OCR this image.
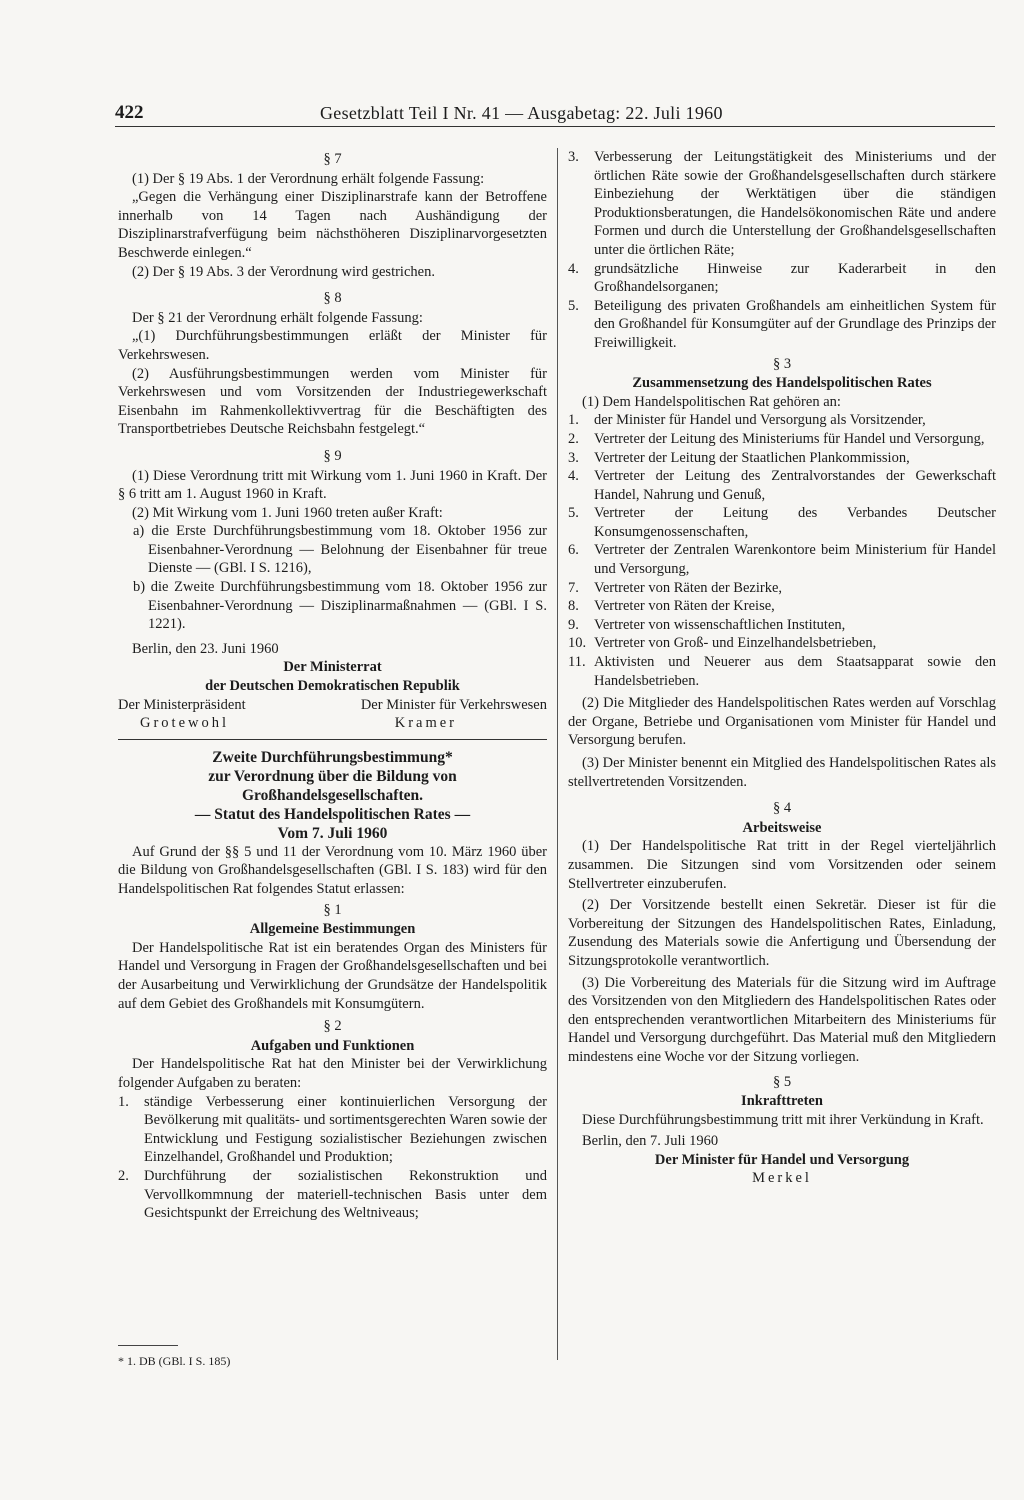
422	Gesetzblatt Teil I Nr. 41 — Ausgabetag: 22. Juli 1960

§ 7

(1) Der § 19 Abs. 1 der Verordnung erhält folgende Fassung:

„Gegen die Verhängung einer Disziplinarstrafe kann der Betroffene innerhalb von 14 Tagen nach Aushändigung der Disziplinarstrafverfügung beim nächsthöheren Disziplinarvorgesetzten Beschwerde einlegen.“

(2) Der § 19 Abs. 3 der Verordnung wird gestrichen.

§ 8

Der § 21 der Verordnung erhält folgende Fassung:

„(1) Durchführungsbestimmungen erläßt der Minister für Verkehrswesen.

(2) Ausführungsbestimmungen werden vom Minister für Verkehrswesen und vom Vorsitzenden der Industriegewerkschaft Eisenbahn im Rahmenkollektivvertrag für die Beschäftigten des Transportbetriebes Deutsche Reichsbahn festgelegt.“

§ 9

(1) Diese Verordnung tritt mit Wirkung vom 1. Juni 1960 in Kraft. Der § 6 tritt am 1. August 1960 in Kraft.

(2) Mit Wirkung vom 1. Juni 1960 treten außer Kraft:

a) die Erste Durchführungsbestimmung vom 18. Oktober 1956 zur Eisenbahner-Verordnung — Belohnung der Eisenbahner für treue Dienste — (GBl. I S. 1216),

b) die Zweite Durchführungsbestimmung vom 18. Oktober 1956 zur Eisenbahner-Verordnung — Disziplinarmaßnahmen — (GBl. I S. 1221).

Berlin, den 23. Juni 1960

Der Ministerrat

der Deutschen Demokratischen Republik

Der Ministerpräsident	Der Minister für Verkehrswesen
Grotewohl	Kramer

Zweite Durchführungsbestimmung*

zur Verordnung über die Bildung von Großhandelsgesellschaften.

— Statut des Handelspolitischen Rates —

Vom 7. Juli 1960

Auf Grund der §§ 5 und 11 der Verordnung vom 10. März 1960 über die Bildung von Großhandelsgesellschaften (GBl. I S. 183) wird für den Handelspolitischen Rat folgendes Statut erlassen:

§ 1

Allgemeine Bestimmungen

Der Handelspolitische Rat ist ein beratendes Organ des Ministers für Handel und Versorgung in Fragen der Großhandelsgesellschaften und bei der Ausarbeitung und Verwirklichung der Grundsätze der Handelspolitik auf dem Gebiet des Großhandels mit Konsumgütern.

§ 2

Aufgaben und Funktionen

Der Handelspolitische Rat hat den Minister bei der Verwirklichung folgender Aufgaben zu beraten:

1. ständige Verbesserung einer kontinuierlichen Versorgung der Bevölkerung mit qualitäts- und sortimentsgerechten Waren sowie der Entwicklung und Festigung sozialistischer Beziehungen zwischen Einzelhandel, Großhandel und Produktion;
2. Durchführung der sozialistischen Rekonstruktion und Vervollkommnung der materiell-technischen Basis unter dem Gesichtspunkt der Erreichung des Weltniveaus;
* 1. DB (GBl. I S. 185)
3. Verbesserung der Leitungstätigkeit des Ministeriums und der örtlichen Räte sowie der Großhandelsgesellschaften durch stärkere Einbeziehung der Werktätigen über die ständigen Produktionsberatungen, die Handelsökonomischen Räte und andere Formen und durch die Unterstellung der Großhandelsgesellschaften unter die örtlichen Räte;
4. grundsätzliche Hinweise zur Kaderarbeit in den Großhandelsorganen;
5. Beteiligung des privaten Großhandels am einheitlichen System für den Großhandel für Konsumgüter auf der Grundlage des Prinzips der Freiwilligkeit.

§ 3

Zusammensetzung des Handelspolitischen Rates

(1) Dem Handelspolitischen Rat gehören an:

1. der Minister für Handel und Versorgung als Vorsitzender,
2. Vertreter der Leitung des Ministeriums für Handel und Versorgung,
3. Vertreter der Leitung der Staatlichen Plankommission,
4. Vertreter der Leitung des Zentralvorstandes der Gewerkschaft Handel, Nahrung und Genuß,
5. Vertreter der Leitung des Verbandes Deutscher Konsumgenossenschaften,
6. Vertreter der Zentralen Warenkontore beim Ministerium für Handel und Versorgung,
7. Vertreter von Räten der Bezirke,
8. Vertreter von Räten der Kreise,
9. Vertreter von wissenschaftlichen Instituten,
10. Vertreter von Groß- und Einzelhandelsbetrieben,
11. Aktivisten und Neuerer aus dem Staatsapparat sowie den Handelsbetrieben.

(2) Die Mitglieder des Handelspolitischen Rates werden auf Vorschlag der Organe, Betriebe und Organisationen vom Minister für Handel und Versorgung berufen.

(3) Der Minister benennt ein Mitglied des Handelspolitischen Rates als stellvertretenden Vorsitzenden.

§ 4

Arbeitsweise

(1) Der Handelspolitische Rat tritt in der Regel vierteljährlich zusammen. Die Sitzungen sind vom Vorsitzenden oder seinem Stellvertreter einzuberufen.

(2) Der Vorsitzende bestellt einen Sekretär. Dieser ist für die Vorbereitung der Sitzungen des Handelspolitischen Rates, Einladung, Zusendung des Materials sowie die Anfertigung und Übersendung der Sitzungsprotokolle verantwortlich.

(3) Die Vorbereitung des Materials für die Sitzung wird im Auftrage des Vorsitzenden von den Mitgliedern des Handelspolitischen Rates oder den entsprechenden verantwortlichen Mitarbeitern des Ministeriums für Handel und Versorgung durchgeführt. Das Material muß den Mitgliedern mindestens eine Woche vor der Sitzung vorliegen.

§ 5

Inkrafttreten

Diese Durchführungsbestimmung tritt mit ihrer Verkündung in Kraft.

Berlin, den 7. Juli 1960

Der Minister für Handel und Versorgung

Merkel
